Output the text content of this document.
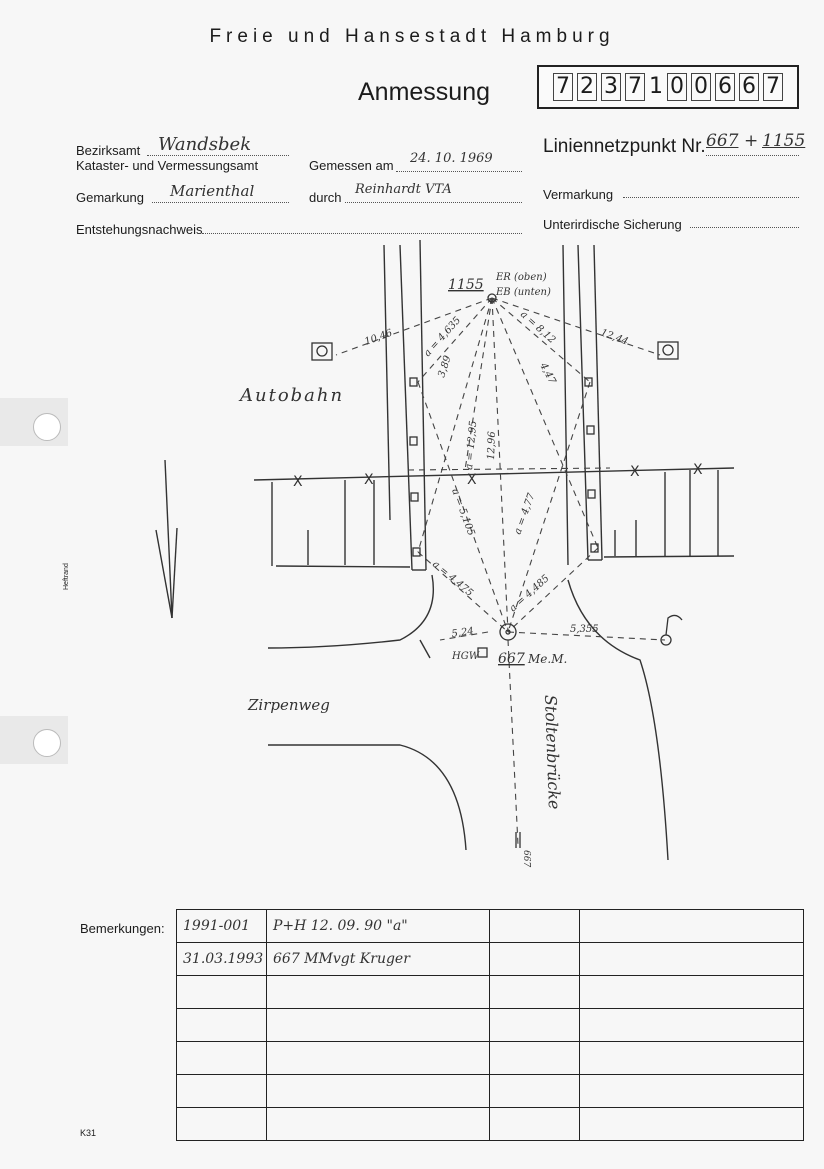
Freie und Hansestadt Hamburg
Anmessung	7 2 3 7 1 0 0 6 6 7
Bezirksamt Wandsbek
Kataster- und Vermessungsamt	Gemessen am 24. 10. 1969
Gemarkung Marienthal	durch
Reinhardt VTA
Entstehungsnachweis
Liniennetzpunkt Nr. 667 + 1155
Vermarkung
Unterirdische Sicherung
Heftrand
X	X	X	X	X
1155 ER (oben)
EB (unten)
667 Me.M.
HGW
Autobahn
Zirpenweg	Stoltenbrücke
667
10,46	a = 4,635
3,89
a = 8,12	12,44
4,47
a = 12,95 12,96
a = 5,105	a = 4,77
a = 4,475	a = 4,485
5,24	5,355
Bemerkungen: 1991-001	P+H 12. 09. 90 "a"		
31.03.1993	667 MMvgt Kruger		

K31
